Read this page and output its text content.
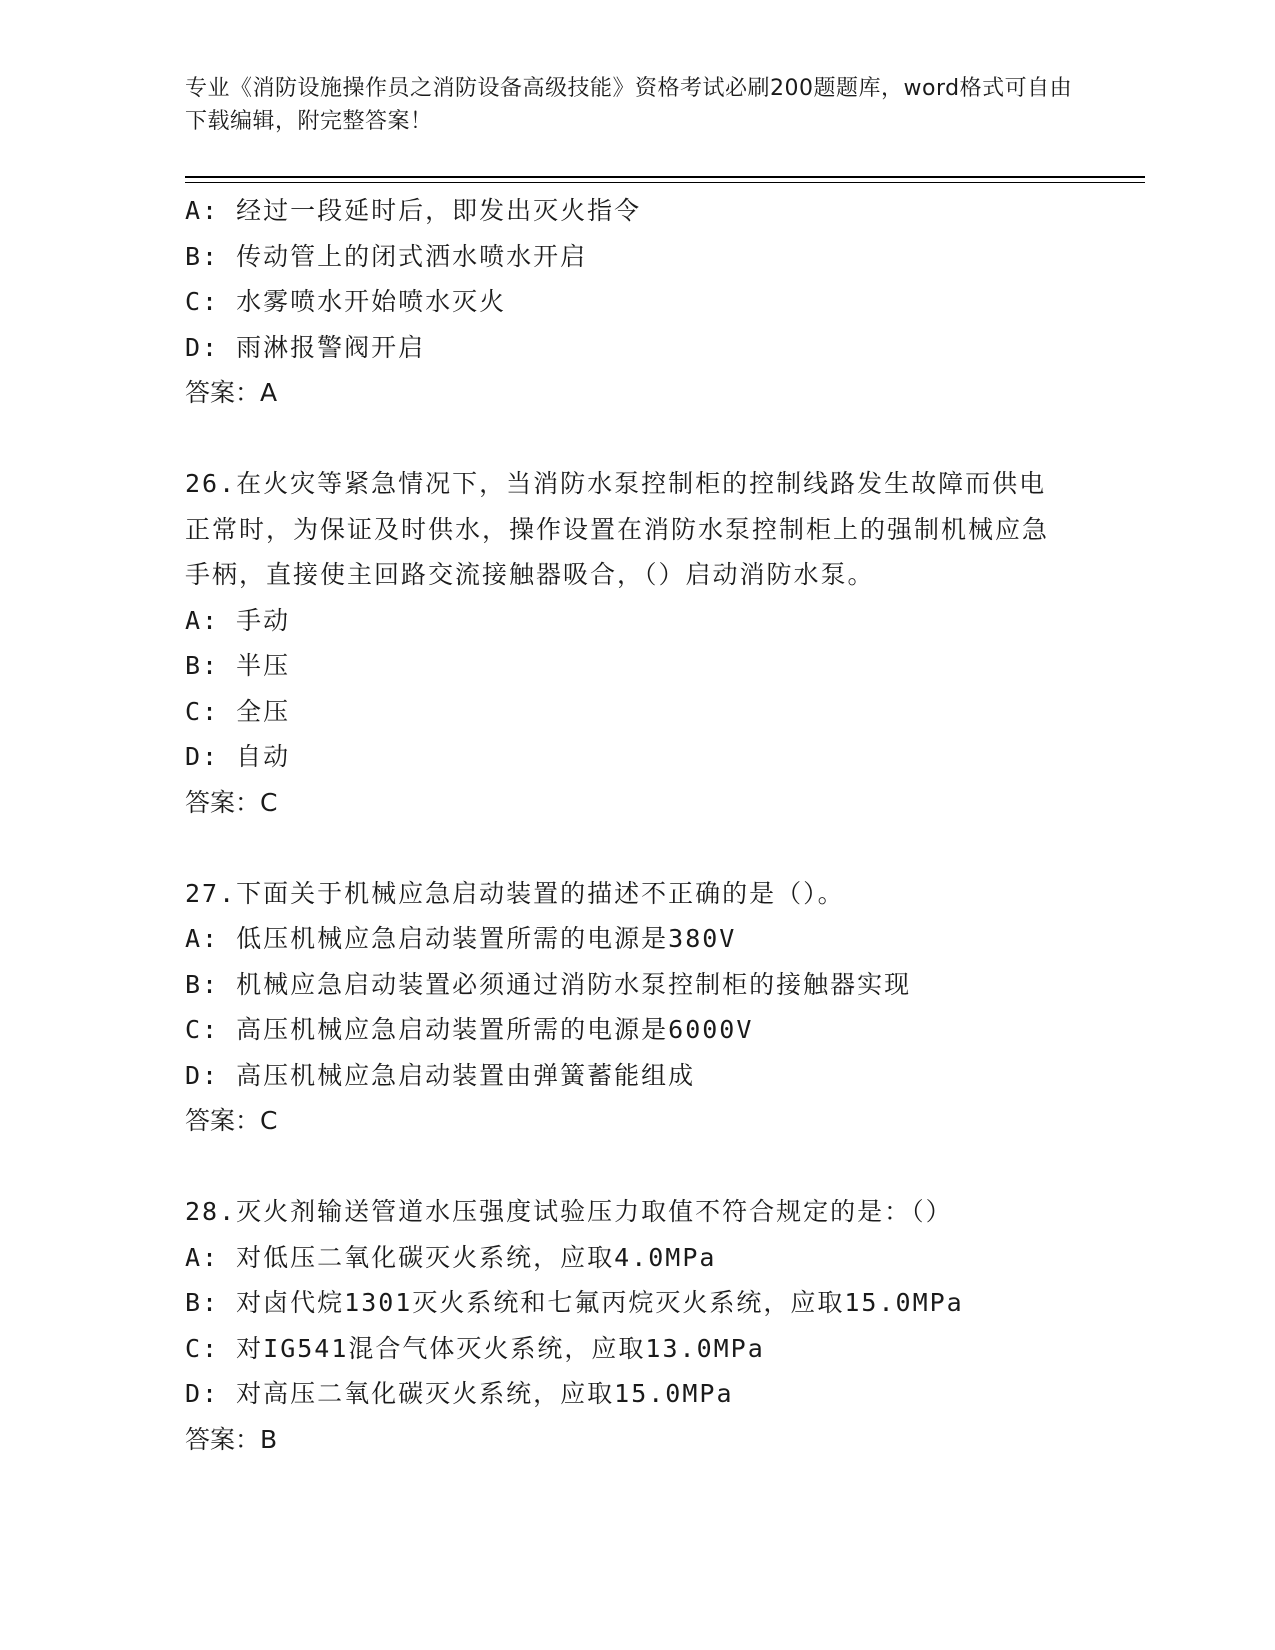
专业《消防设施操作员之消防设备高级技能》资格考试必刷200题题库，word格式可自由下载编辑，附完整答案！
A: 经过一段延时后，即发出灭火指令
B: 传动管上的闭式洒水喷水开启
C: 水雾喷水开始喷水灭火
D: 雨淋报警阀开启
答案：A
26.在火灾等紧急情况下，当消防水泵控制柜的控制线路发生故障而供电正常时，为保证及时供水，操作设置在消防水泵控制柜上的强制机械应急手柄，直接使主回路交流接触器吸合，（）启动消防水泵。
A: 手动
B: 半压
C: 全压
D: 自动
答案：C
27.下面关于机械应急启动装置的描述不正确的是（）。
A: 低压机械应急启动装置所需的电源是380V
B: 机械应急启动装置必须通过消防水泵控制柜的接触器实现
C: 高压机械应急启动装置所需的电源是6000V
D: 高压机械应急启动装置由弹簧蓄能组成
答案：C
28.灭火剂输送管道水压强度试验压力取值不符合规定的是：（）
A: 对低压二氧化碳灭火系统，应取4.0MPa
B: 对卤代烷1301灭火系统和七氟丙烷灭火系统，应取15.0MPa
C: 对IG541混合气体灭火系统，应取13.0MPa
D: 对高压二氧化碳灭火系统，应取15.0MPa
答案：B
